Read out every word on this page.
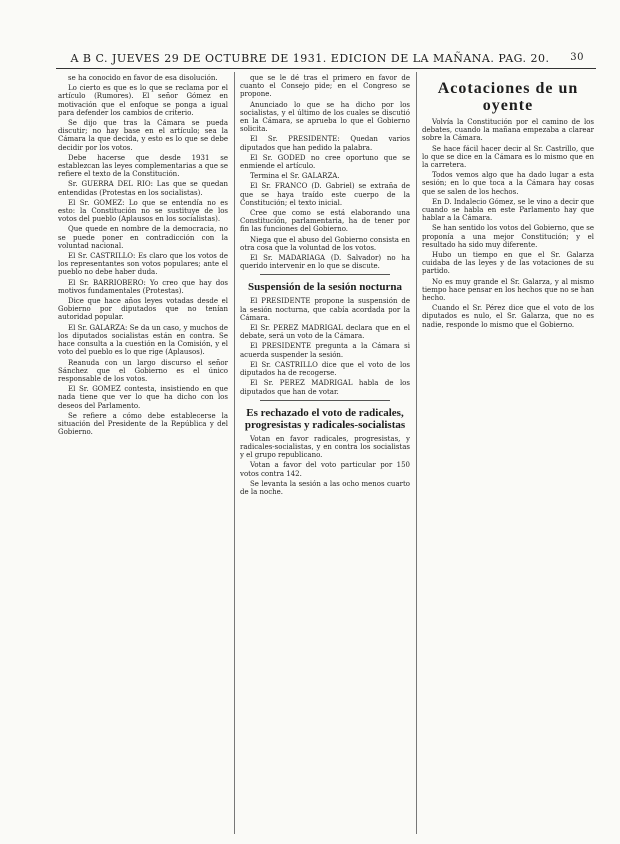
A B C. JUEVES 29 DE OCTUBRE DE 1931. EDICION DE LA MAÑANA. PAG. 20. 30

se ha conocido en favor de esa disolución.

Lo cierto es que es lo que se reclama por el artículo (Rumores). El señor Gómez en motivación que el enfoque se ponga a igual para defender los cambios de criterio.

Se dijo que tras la Cámara se pueda discutir; no hay base en el artículo; sea la Cámara la que decida, y esto es lo que se debe decidir por los votos.

Debe hacerse que desde 1931 se establezcan las leyes complementarias a que se refiere el texto de la Constitución.

Sr. GUERRA DEL RIO: Las que se quedan entendidas (Protestas en los socialistas).

El Sr. GOMEZ: Lo que se entendía no es esto: la Constitución no se sustituye de los votos del pueblo (Aplausos en los socialistas).

Que quede en nombre de la democracia, no se puede poner en contradicción con la voluntad nacional.

El Sr. CASTRILLO: Es claro que los votos de los representantes son votos populares; ante el pueblo no debe haber duda.

El Sr. BARRIOBERO: Yo creo que hay dos motivos fundamentales (Protestas).

Dice que hace años leyes votadas desde el Gobierno por diputados que no tenían autoridad popular.

El Sr. GALARZA: Se da un caso, y muchos de los diputados socialistas están en contra. Se hace consulta a la cuestión en la Comisión, y el voto del pueblo es lo que rige (Aplausos).

Reanuda con un largo discurso el señor Sánchez que el Gobierno es el único responsable de los votos.

El Sr. GOMEZ contesta, insistiendo en que nada tiene que ver lo que ha dicho con los deseos del Parlamento.

Se refiere a cómo debe establecerse la situación del Presidente de la República y del Gobierno.

que se le dé tras el primero en favor de cuanto el Consejo pide; en el Congreso se propone.

Anunciado lo que se ha dicho por los socialistas, y el último de los cuales se discutió en la Cámara, se aprueba lo que el Gobierno solicita.

El Sr. PRESIDENTE: Quedan varios diputados que han pedido la palabra.

El Sr. GODED no cree oportuno que se enmiende el artículo.

Termina el Sr. GALARZA.

El Sr. FRANCO (D. Gabriel) se extraña de que se haya traído este cuerpo de la Constitución; el texto inicial.

Cree que como se está elaborando una Constitución, parlamentaria, ha de tener por fin las funciones del Gobierno.

Niega que el abuso del Gobierno consista en otra cosa que la voluntad de los votos.

El Sr. MADARIAGA (D. Salvador) no ha querido intervenir en lo que se discute.

Suspensión de la sesión nocturna

El PRESIDENTE propone la suspensión de la sesión nocturna, que cabía acordada por la Cámara.

El Sr. PEREZ MADRIGAL declara que en el debate, será un voto de la Cámara.

El PRESIDENTE pregunta a la Cámara si acuerda suspender la sesión.

El Sr. CASTRILLO dice que el voto de los diputados ha de recogerse.

El Sr. PEREZ MADRIGAL habla de los diputados que han de votar.

Es rechazado el voto de radicales, progresistas y radicales-socialistas

Votan en favor radicales, progresistas, y radicales-socialistas, y en contra los socialistas y el grupo republicano.

Votan a favor del voto particular por 150 votos contra 142.

Se levanta la sesión a las ocho menos cuarto de la noche.

Acotaciones de un oyente

Volvía la Constitución por el camino de los debates, cuando la mañana empezaba a clarear sobre la Cámara.

Se hace fácil hacer decir al Sr. Castrillo, que lo que se dice en la Cámara es lo mismo que en la carretera.

Todos vemos algo que ha dado lugar a esta sesión; en lo que toca a la Cámara hay cosas que se salen de los hechos.

En D. Indalecio Gómez, se le vino a decir que cuando se habla en este Parlamento hay que hablar a la Cámara.

Se han sentido los votos del Gobierno, que se proponía a una mejor Constitución; y el resultado ha sido muy diferente.

Hubo un tiempo en que el Sr. Galarza cuidaba de las leyes y de las votaciones de su partido.

No es muy grande el Sr. Galarza, y al mismo tiempo hace pensar en los hechos que no se han hecho.

Cuando el Sr. Pérez dice que el voto de los diputados es nulo, el Sr. Galarza, que no es nadie, responde lo mismo que el Gobierno.
